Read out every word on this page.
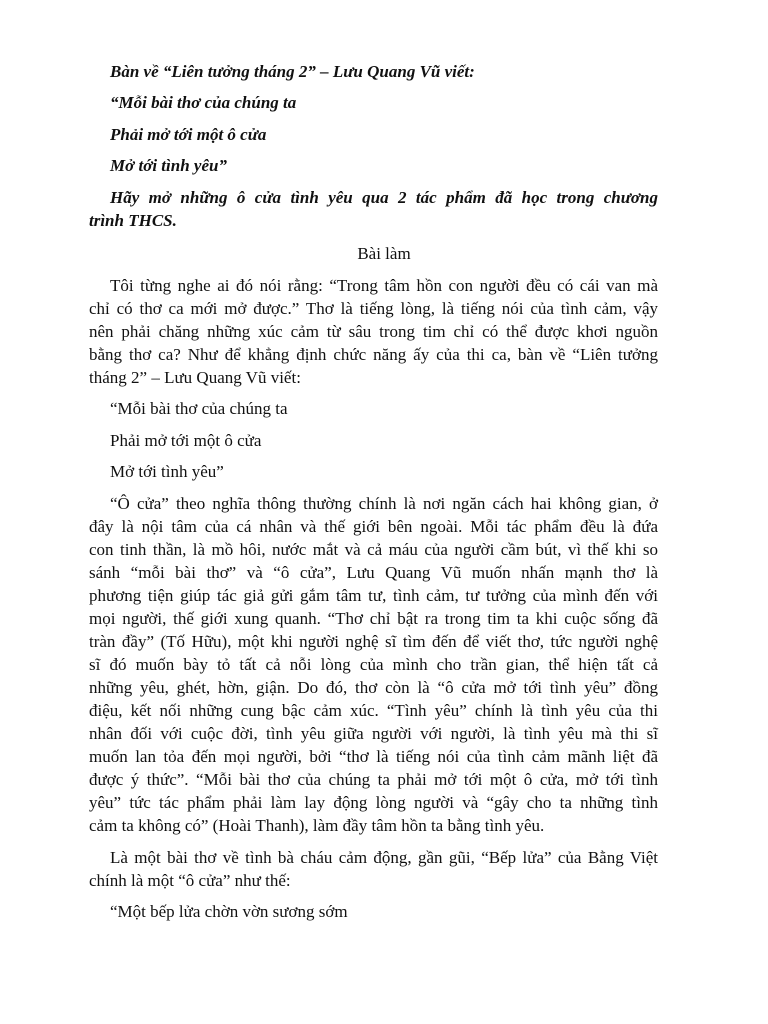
Bàn về “Liên tưởng tháng 2” – Lưu Quang Vũ viết:
“Mỗi bài thơ của chúng ta
Phải mở tới một ô cửa
Mở tới tình yêu”
Hãy mở những ô cửa tình yêu qua 2 tác phẩm đã học trong chương
trình THCS.
Bài làm
Tôi từng nghe ai đó nói rằng: “Trong tâm hồn con người đều có cái van mà
chỉ có thơ ca mới mở được.” Thơ là tiếng lòng, là tiếng nói của tình cảm, vậy
nên phải chăng những xúc cảm từ sâu trong tim chỉ có thể được khơi nguồn
bằng thơ ca? Như để khẳng định chức năng ấy của thi ca, bàn về “Liên tưởng
tháng 2” – Lưu Quang Vũ viết:
“Mỗi bài thơ của chúng ta
Phải mở tới một ô cửa
Mở tới tình yêu”
“Ô cửa” theo nghĩa thông thường chính là nơi ngăn cách hai không gian, ở
đây là nội tâm của cá nhân và thế giới bên ngoài. Mỗi tác phẩm đều là đứa
con tinh thần, là mồ hôi, nước mắt và cả máu của người cầm bút, vì thế khi so
sánh “mỗi bài thơ” và “ô cửa”, Lưu Quang Vũ muốn nhấn mạnh thơ là
phương tiện giúp tác giả gửi gắm tâm tư, tình cảm, tư tưởng của mình đến với
mọi người, thế giới xung quanh. “Thơ chỉ bật ra trong tim ta khi cuộc sống đã
tràn đầy” (Tố Hữu), một khi người nghệ sĩ tìm đến để viết thơ, tức người nghệ
sĩ đó muốn bày tỏ tất cả nỗi lòng của mình cho trần gian, thể hiện tất cả
những yêu, ghét, hờn, giận. Do đó, thơ còn là “ô cửa mở tới tình yêu” đồng
điệu, kết nối những cung bậc cảm xúc. “Tình yêu” chính là tình yêu của thi
nhân đối với cuộc đời, tình yêu giữa người với người, là tình yêu mà thi sĩ
muốn lan tỏa đến mọi người, bởi “thơ là tiếng nói của tình cảm mãnh liệt đã
được ý thức”. “Mỗi bài thơ của chúng ta phải mở tới một ô cửa, mở tới tình
yêu” tức tác phẩm phải làm lay động lòng người và “gây cho ta những tình
cảm ta không có” (Hoài Thanh), làm đầy tâm hồn ta bằng tình yêu.
Là một bài thơ về tình bà cháu cảm động, gần gũi, “Bếp lửa” của Bằng Việt
chính là một “ô cửa” như thế:
“Một bếp lửa chờn vờn sương sớm
